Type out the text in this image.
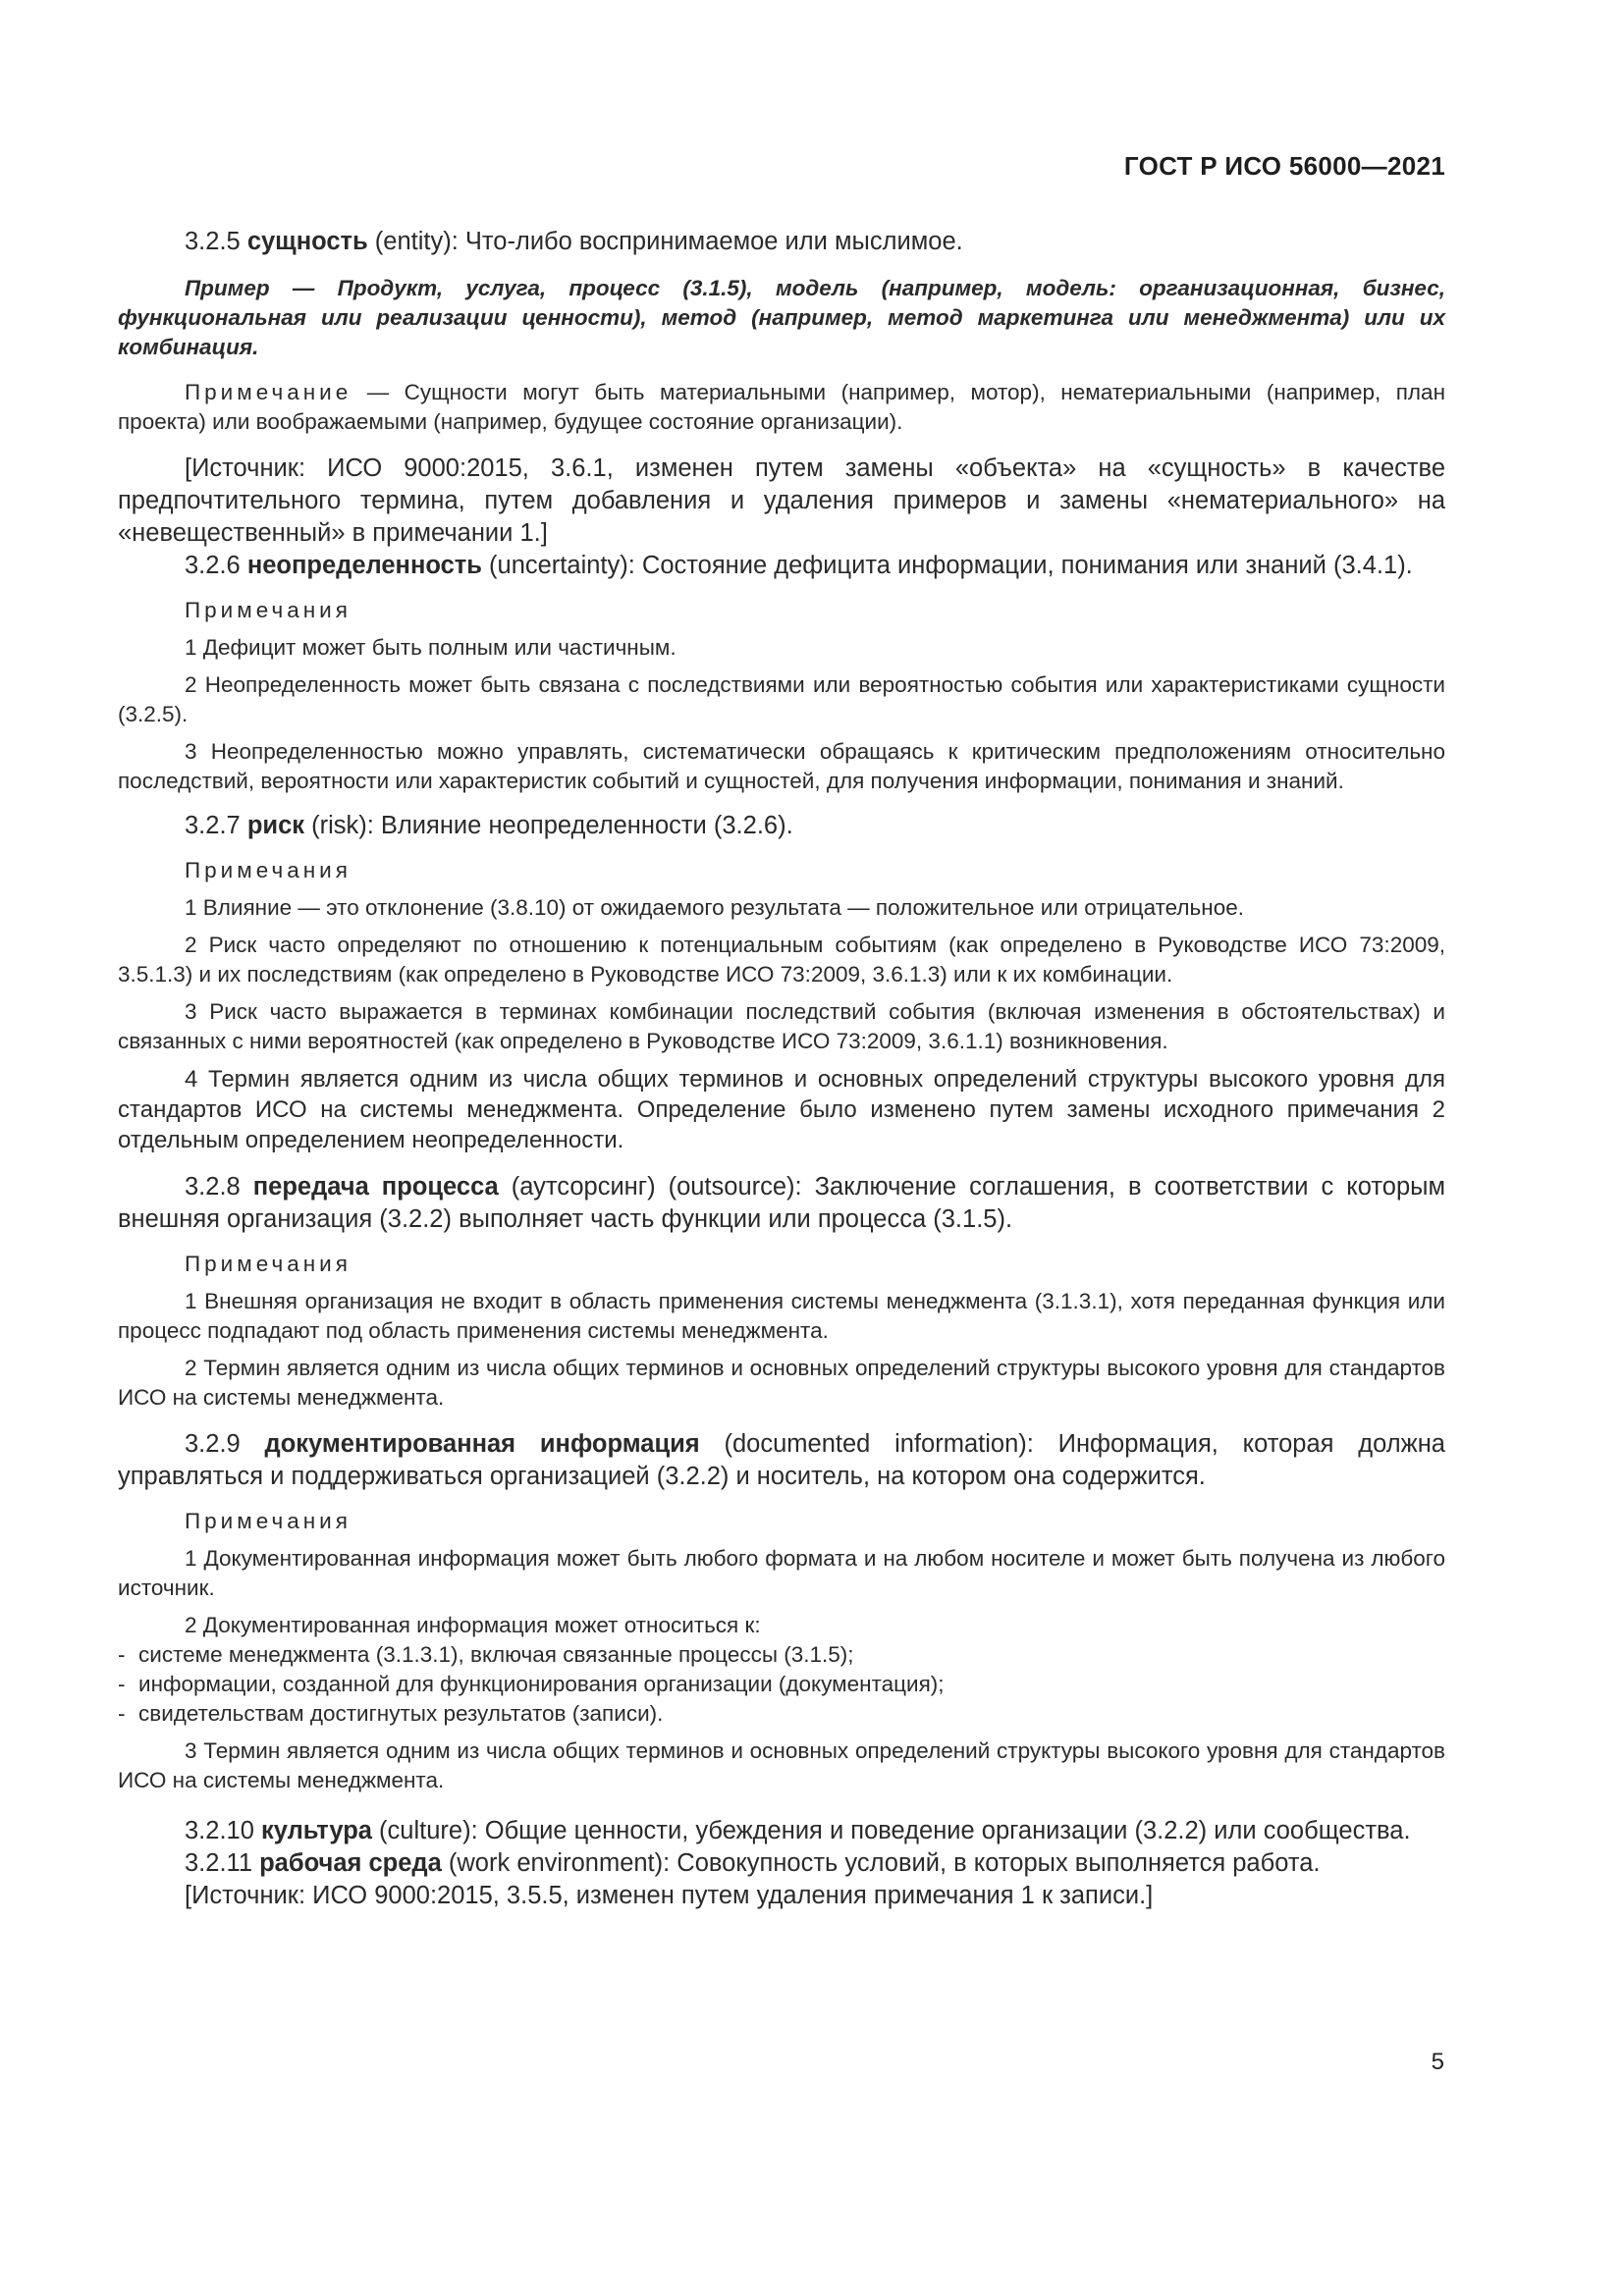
ГОСТ Р ИСО 56000—2021

3.2.5 сущность (entity): Что-либо воспринимаемое или мыслимое.

Пример — Продукт, услуга, процесс (3.1.5), модель (например, модель: организационная, бизнес, функциональная или реализации ценности), метод (например, метод маркетинга или менеджмента) или их комбинация.

Примечание — Сущности могут быть материальными (например, мотор), нематериальными (например, план проекта) или воображаемыми (например, будущее состояние организации).

[Источник: ИСО 9000:2015, 3.6.1, изменен путем замены «объекта» на «сущность» в качестве предпочтительного термина, путем добавления и удаления примеров и замены «нематериального» на «невещественный» в примечании 1.]

3.2.6 неопределенность (uncertainty): Состояние дефицита информации, понимания или знаний (3.4.1).

Примечания

1 Дефицит может быть полным или частичным.

2 Неопределенность может быть связана с последствиями или вероятностью события или характеристиками сущности (3.2.5).

3 Неопределенностью можно управлять, систематически обращаясь к критическим предположениям относительно последствий, вероятности или характеристик событий и сущностей, для получения информации, понимания и знаний.

3.2.7 риск (risk): Влияние неопределенности (3.2.6).

Примечания

1 Влияние — это отклонение (3.8.10) от ожидаемого результата — положительное или отрицательное.

2 Риск часто определяют по отношению к потенциальным событиям (как определено в Руководстве ИСО 73:2009, 3.5.1.3) и их последствиям (как определено в Руководстве ИСО 73:2009, 3.6.1.3) или к их комбинации.

3 Риск часто выражается в терминах комбинации последствий события (включая изменения в обстоятельствах) и связанных с ними вероятностей (как определено в Руководстве ИСО 73:2009, 3.6.1.1) возникновения.

4 Термин является одним из числа общих терминов и основных определений структуры высокого уровня для стандартов ИСО на системы менеджмента. Определение было изменено путем замены исходного примечания 2 отдельным определением неопределенности.

3.2.8 передача процесса (аутсорсинг) (outsource): Заключение соглашения, в соответствии с которым внешняя организация (3.2.2) выполняет часть функции или процесса (3.1.5).

Примечания

1 Внешняя организация не входит в область применения системы менеджмента (3.1.3.1), хотя переданная функция или процесс подпадают под область применения системы менеджмента.

2 Термин является одним из числа общих терминов и основных определений структуры высокого уровня для стандартов ИСО на системы менеджмента.

3.2.9 документированная информация (documented information): Информация, которая должна управляться и поддерживаться организацией (3.2.2) и носитель, на котором она содержится.

Примечания

1 Документированная информация может быть любого формата и на любом носителе и может быть получена из любого источник.

2 Документированная информация может относиться к:

- системе менеджмента (3.1.3.1), включая связанные процессы (3.1.5);

- информации, созданной для функционирования организации (документация);

- свидетельствам достигнутых результатов (записи).

3 Термин является одним из числа общих терминов и основных определений структуры высокого уровня для стандартов ИСО на системы менеджмента.

3.2.10 культура (culture): Общие ценности, убеждения и поведение организации (3.2.2) или сообщества.

3.2.11 рабочая среда (work environment): Совокупность условий, в которых выполняется работа.

[Источник: ИСО 9000:2015, 3.5.5, изменен путем удаления примечания 1 к записи.]

5
